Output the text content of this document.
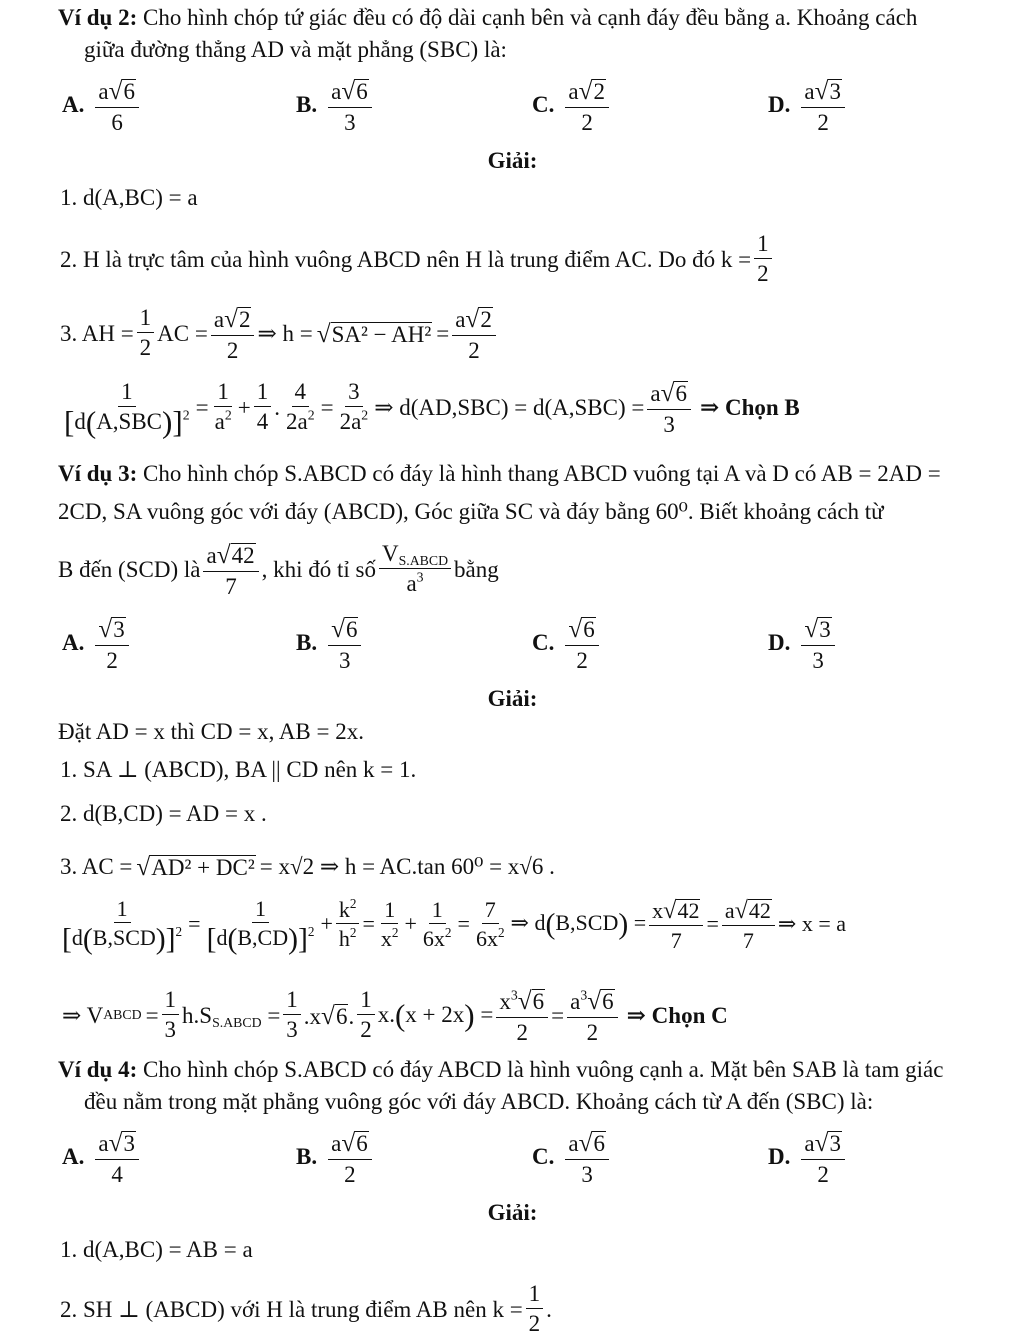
Ví dụ 2: Cho hình chóp tứ giác đều có độ dài cạnh bên và cạnh đáy đều bằng a. Khoảng cách
giữa đường thẳng AD và mặt phẳng (SBC) là:
A. $\frac{a√6}{6}$	B. $\frac{a√6}{3}$	C. $\frac{a√2}{2}$	D. $\frac{a√3}{2}$
Giải:
1. d(A,BC) = a
2. H là trực tâm của hình vuông ABCD nên H là trung điểm AC. Do đó $k = \frac{1}{2}$
3. AH = $\frac{1}{2}$ AC = $\frac{a√2}{2}$ ⇒ $h = √SA^2 - AH^2 = \frac{a√2}{2}$
$\frac{1}{[d(A,SBC)]^2} = \frac{1}{a^2} + \frac{1}{4}$ . $\frac{4}{2a^2} = \frac{3}{2a^2}$ ⇒ $d(AD,SBC) = d(A,SBC) = \frac{a√6}{3}$ ⇒ Chọn B
Ví dụ 3: Cho hình chóp S.ABCD có đáy là hình thang ABCD vuông tại A và D có AB = 2AD =
2CD, SA vuông góc với đáy (ABCD), Góc giữa SC và đáy bằng 60⁰. Biết khoảng cách từ
B đến (SCD) là $\frac{a√42}{7}$ , khi đó tỉ số $\frac{V_{S.ABCD}}{a^3}$ bằng
A. $\frac{√3}{2}$	B. $\frac{√6}{3}$	C. $\frac{√6}{2}$	D. $\frac{√3}{3}$
Giải:
Đặt AD = x thì CD = x, AB = 2x.
1. SA ⊥ (ABCD), BA || CD nên k = 1.
2. d(B,CD) = AD = x .
3. AC = √AD² + DC² = x√2 ⇒ h = AC.tan 60⁰ = x√6 .
$\frac{1}{[d(B,SCD)]^2} = \frac{1}{[d(B,CD)]^2} + \frac{k^2}{h^2} = \frac{1}{x^2} + \frac{1}{6x^2} = \frac{7}{6x^2}$ ⇒ $d(B,SCD) = \frac{x√42}{7} = \frac{a√42}{7}$ ⇒ x = a
⇒ V ABCD = $\frac{1}{3} h.S_{S.ABCD} = \frac{1}{3} .x√6$. $\frac{1}{2} x.(x + 2x) = \frac{x^3√6}{2} = \frac{a^3√6}{2}$ ⇒ Chọn C
Ví dụ 4: Cho hình chóp S.ABCD có đáy ABCD là hình vuông cạnh a. Mặt bên SAB là tam giác
đều nằm trong mặt phẳng vuông góc với đáy ABCD. Khoảng cách từ A đến (SBC) là:
A. $\frac{a√3}{4}$	B. $\frac{a√6}{2}$	C. $\frac{a√6}{3}$	D. $\frac{a√3}{2}$
Giải:
1. d(A,BC) = AB = a
2. SH ⊥ (ABCD) với H là trung điểm AB nên $k = \frac{1}{2}$ .
